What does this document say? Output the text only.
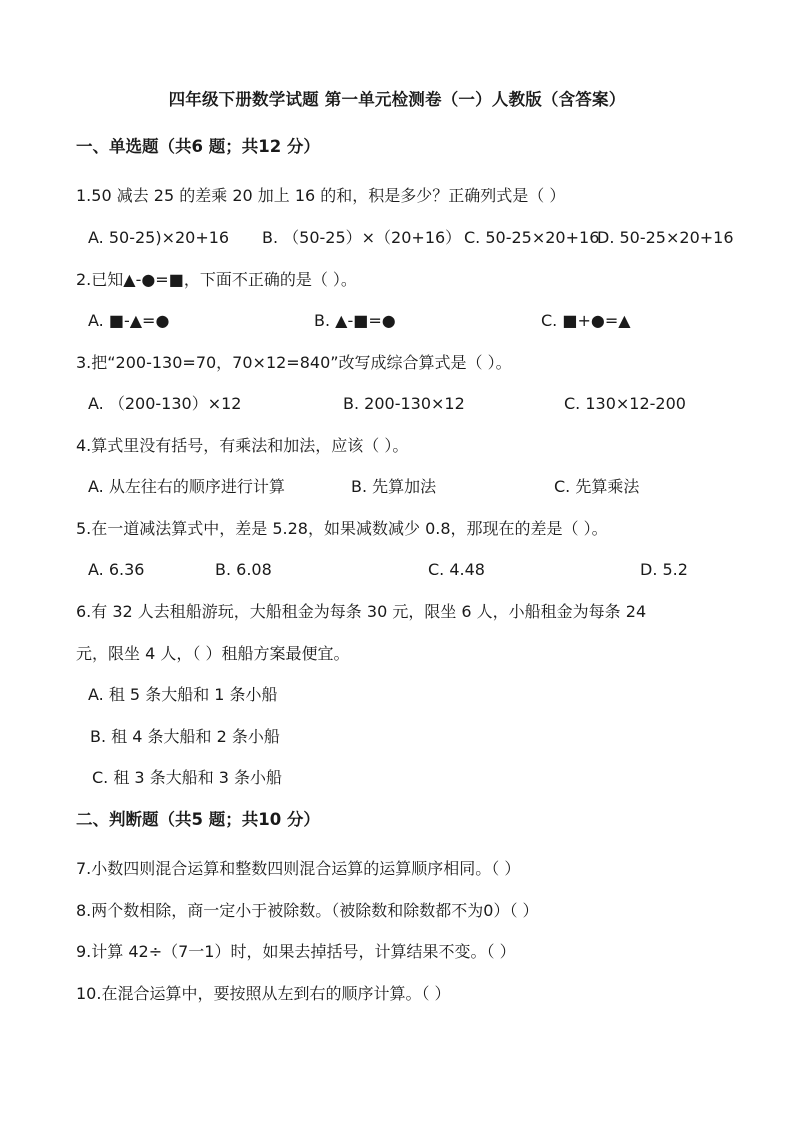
四年级下册数学试题 第一单元检测卷（一）人教版（含答案）
一、单选题（共6 题；共12 分）
1.50 减去 25 的差乘 20 加上 16 的和，积是多少？正确列式是（ ）
A. 50-25)×20+16 B. （50-25）×（20+16） C. 50-25×20+16
D. 50-25×20+16
2.已知▲-●=■，下面不正确的是（ ）。
A. ■-▲=●	B. ▲-■=●	C. ■+●=▲
3.把“200-130=70，70×12=840”改写成综合算式是（ ）。
A. （200-130）×12	B. 200-130×12	C. 130×12-200
4.算式里没有括号，有乘法和加法，应该（ ）。
A. 从左往右的顺序进行计算	B. 先算加法	C. 先算乘法
5.在一道减法算式中，差是 5.28，如果减数减少 0.8，那现在的差是（ ）。
A. 6.36	B. 6.08	C. 4.48	D. 5.2
6.有 32 人去租船游玩，大船租金为每条 30 元，限坐 6 人，小船租金为每条 24
元，限坐 4 人，（ ）租船方案最便宜。
A. 租 5 条大船和 1 条小船
B. 租 4 条大船和 2 条小船
C. 租 3 条大船和 3 条小船
二、判断题（共5 题；共10 分）
7.小数四则混合运算和整数四则混合运算的运算顺序相同。（ ）
8.两个数相除，商一定小于被除数。（被除数和除数都不为0）（ ）
9.计算 42÷（7一1）时，如果去掉括号，计算结果不变。（ ）
10.在混合运算中，要按照从左到右的顺序计算。（ ）
